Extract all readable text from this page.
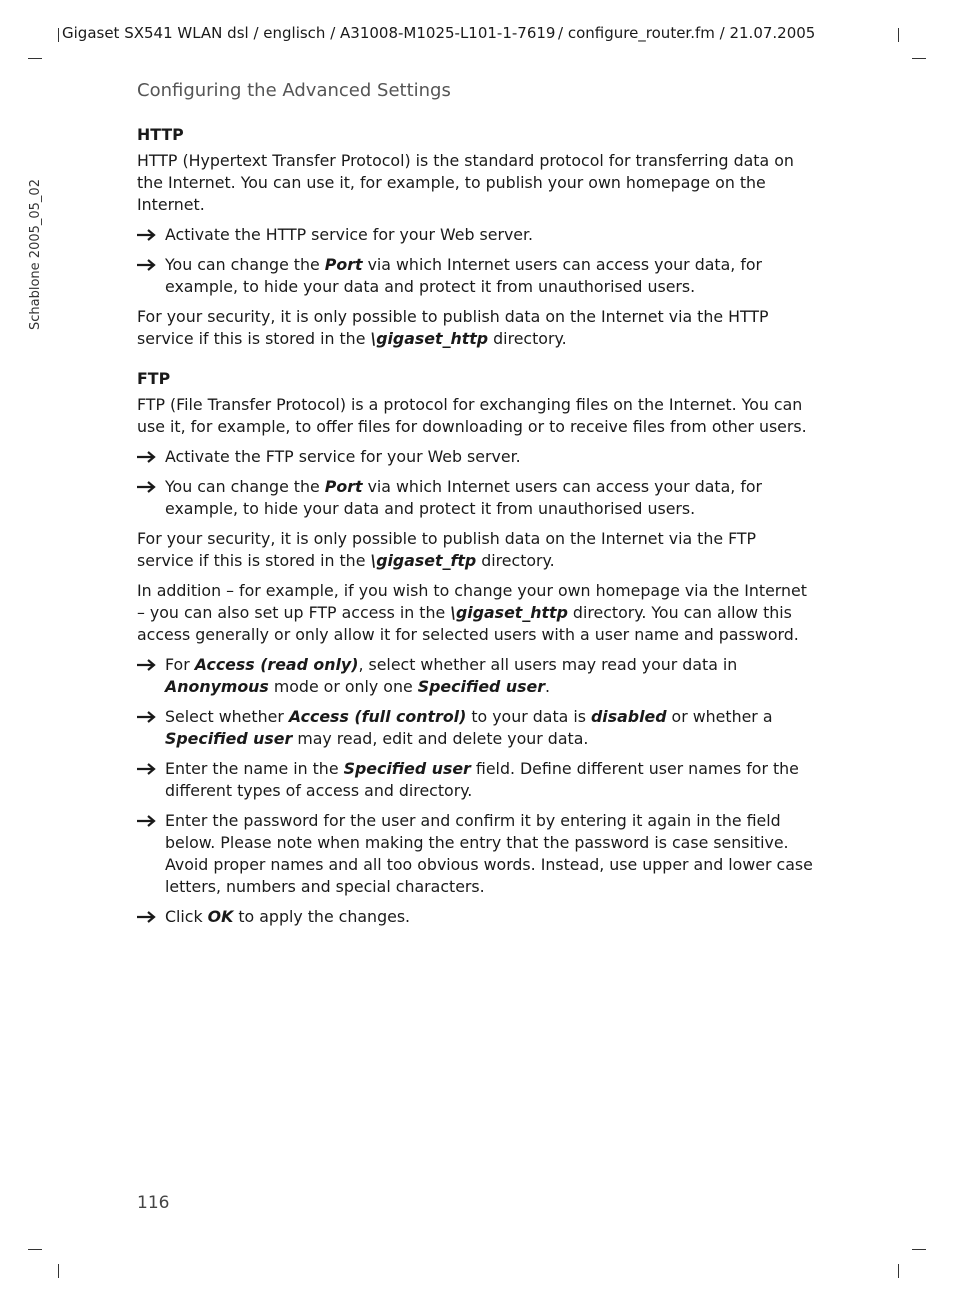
Gigaset SX541 WLAN dsl / englisch / A31008-M1025-L101-1-7619 / configure_router.fm / 21.07.2005
Schablone 2005_05_02
Configuring the Advanced Settings
HTTP

HTTP (Hypertext Transfer Protocol) is the standard protocol for transferring data on the Internet. You can use it, for example, to publish your own homepage on the Internet.

Activate the HTTP service for your Web server.
You can change the Port via which Internet users can access your data, for example, to hide your data and protect it from unauthorised users.

For your security, it is only possible to publish data on the Internet via the HTTP service if this is stored in the \gigaset_http directory.

FTP

FTP (File Transfer Protocol) is a protocol for exchanging files on the Internet. You can use it, for example, to offer files for downloading or to receive files from other users.

Activate the FTP service for your Web server.
You can change the Port via which Internet users can access your data, for example, to hide your data and protect it from unauthorised users.

For your security, it is only possible to publish data on the Internet via the FTP service if this is stored in the \gigaset_ftp directory.

In addition – for example, if you wish to change your own homepage via the Internet – you can also set up FTP access in the \gigaset_http directory. You can allow this access generally or only allow it for selected users with a user name and password.

For Access (read only), select whether all users may read your data in Anonymous mode or only one Specified user.
Select whether Access (full control) to your data is disabled or whether a Specified user may read, edit and delete your data.
Enter the name in the Specified user field. Define different user names for the different types of access and directory.
Enter the password for the user and confirm it by entering it again in the field below. Please note when making the entry that the password is case sensitive. Avoid proper names and all too obvious words. Instead, use upper and lower case letters, numbers and special characters.
Click OK to apply the changes.
116
